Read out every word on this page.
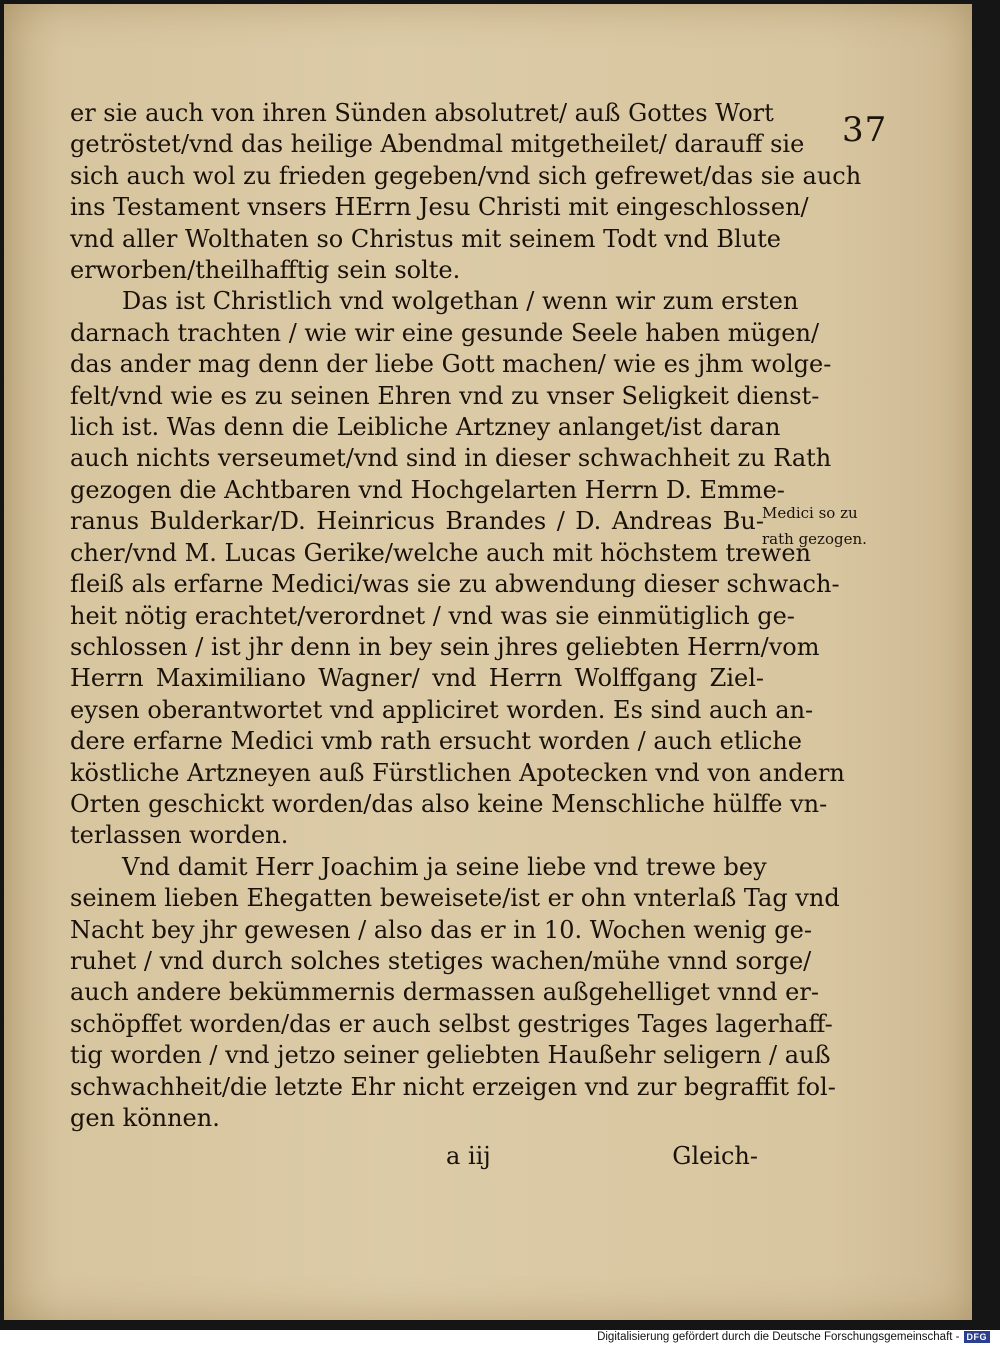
37
er sie auch von ihren Sünden absolutret/ auß Gottes Wort
getröstet/vnd das heilige Abendmal mitgetheilet/ darauff sie
sich auch wol zu frieden gegeben/vnd sich gefrewet/das sie auch
ins Testament vnsers HErrn Jesu Christi mit eingeschlossen/
vnd aller Wolthaten so Christus mit seinem Todt vnd Blute
erworben/theilhafftig sein solte.
Das ist Christlich vnd wolgethan / wenn wir zum ersten
darnach trachten / wie wir eine gesunde Seele haben mügen/
das ander mag denn der liebe Gott machen/ wie es jhm wolge-
felt/vnd wie es zu seinen Ehren vnd zu vnser Seligkeit dienst-
lich ist. Was denn die Leibliche Artzney anlanget/ist daran
auch nichts verseumet/vnd sind in dieser schwachheit zu Rath
gezogen die Achtbaren vnd Hochgelarten Herrn D. Emme-
ranus Bulderkar/D. Heinricus Brandes / D. Andreas Bu-
cher/vnd M. Lucas Gerike/welche auch mit höchstem trewen
fleiß als erfarne Medici/was sie zu abwendung dieser schwach-
heit nötig erachtet/verordnet / vnd was sie einmütiglich ge-
schlossen / ist jhr denn in bey sein jhres geliebten Herrn/vom
Herrn Maximiliano Wagner/ vnd Herrn Wolffgang Ziel-
eysen oberantwortet vnd appliciret worden. Es sind auch an-
dere erfarne Medici vmb rath ersucht worden / auch etliche
köstliche Artzneyen auß Fürstlichen Apotecken vnd von andern
Orten geschickt worden/das also keine Menschliche hülffe vn-
terlassen worden.
Vnd damit Herr Joachim ja seine liebe vnd trewe bey
seinem lieben Ehegatten beweisete/ist er ohn vnterlaß Tag vnd
Nacht bey jhr gewesen / also das er in 10. Wochen wenig ge-
ruhet / vnd durch solches stetiges wachen/mühe vnnd sorge/
auch andere bekümmernis dermassen außgehelliget vnnd er-
schöpffet worden/das er auch selbst gestriges Tages lagerhaff-
tig worden / vnd jetzo seiner geliebten Haußehr seligern / auß
schwachheit/die letzte Ehr nicht erzeigen vnd zur begraffit fol-
gen können.
Medici so zu
rath gezogen.
a iij	Gleich-
Digitalisierung gefördert durch die Deutsche Forschungsgemeinschaft - DFG
